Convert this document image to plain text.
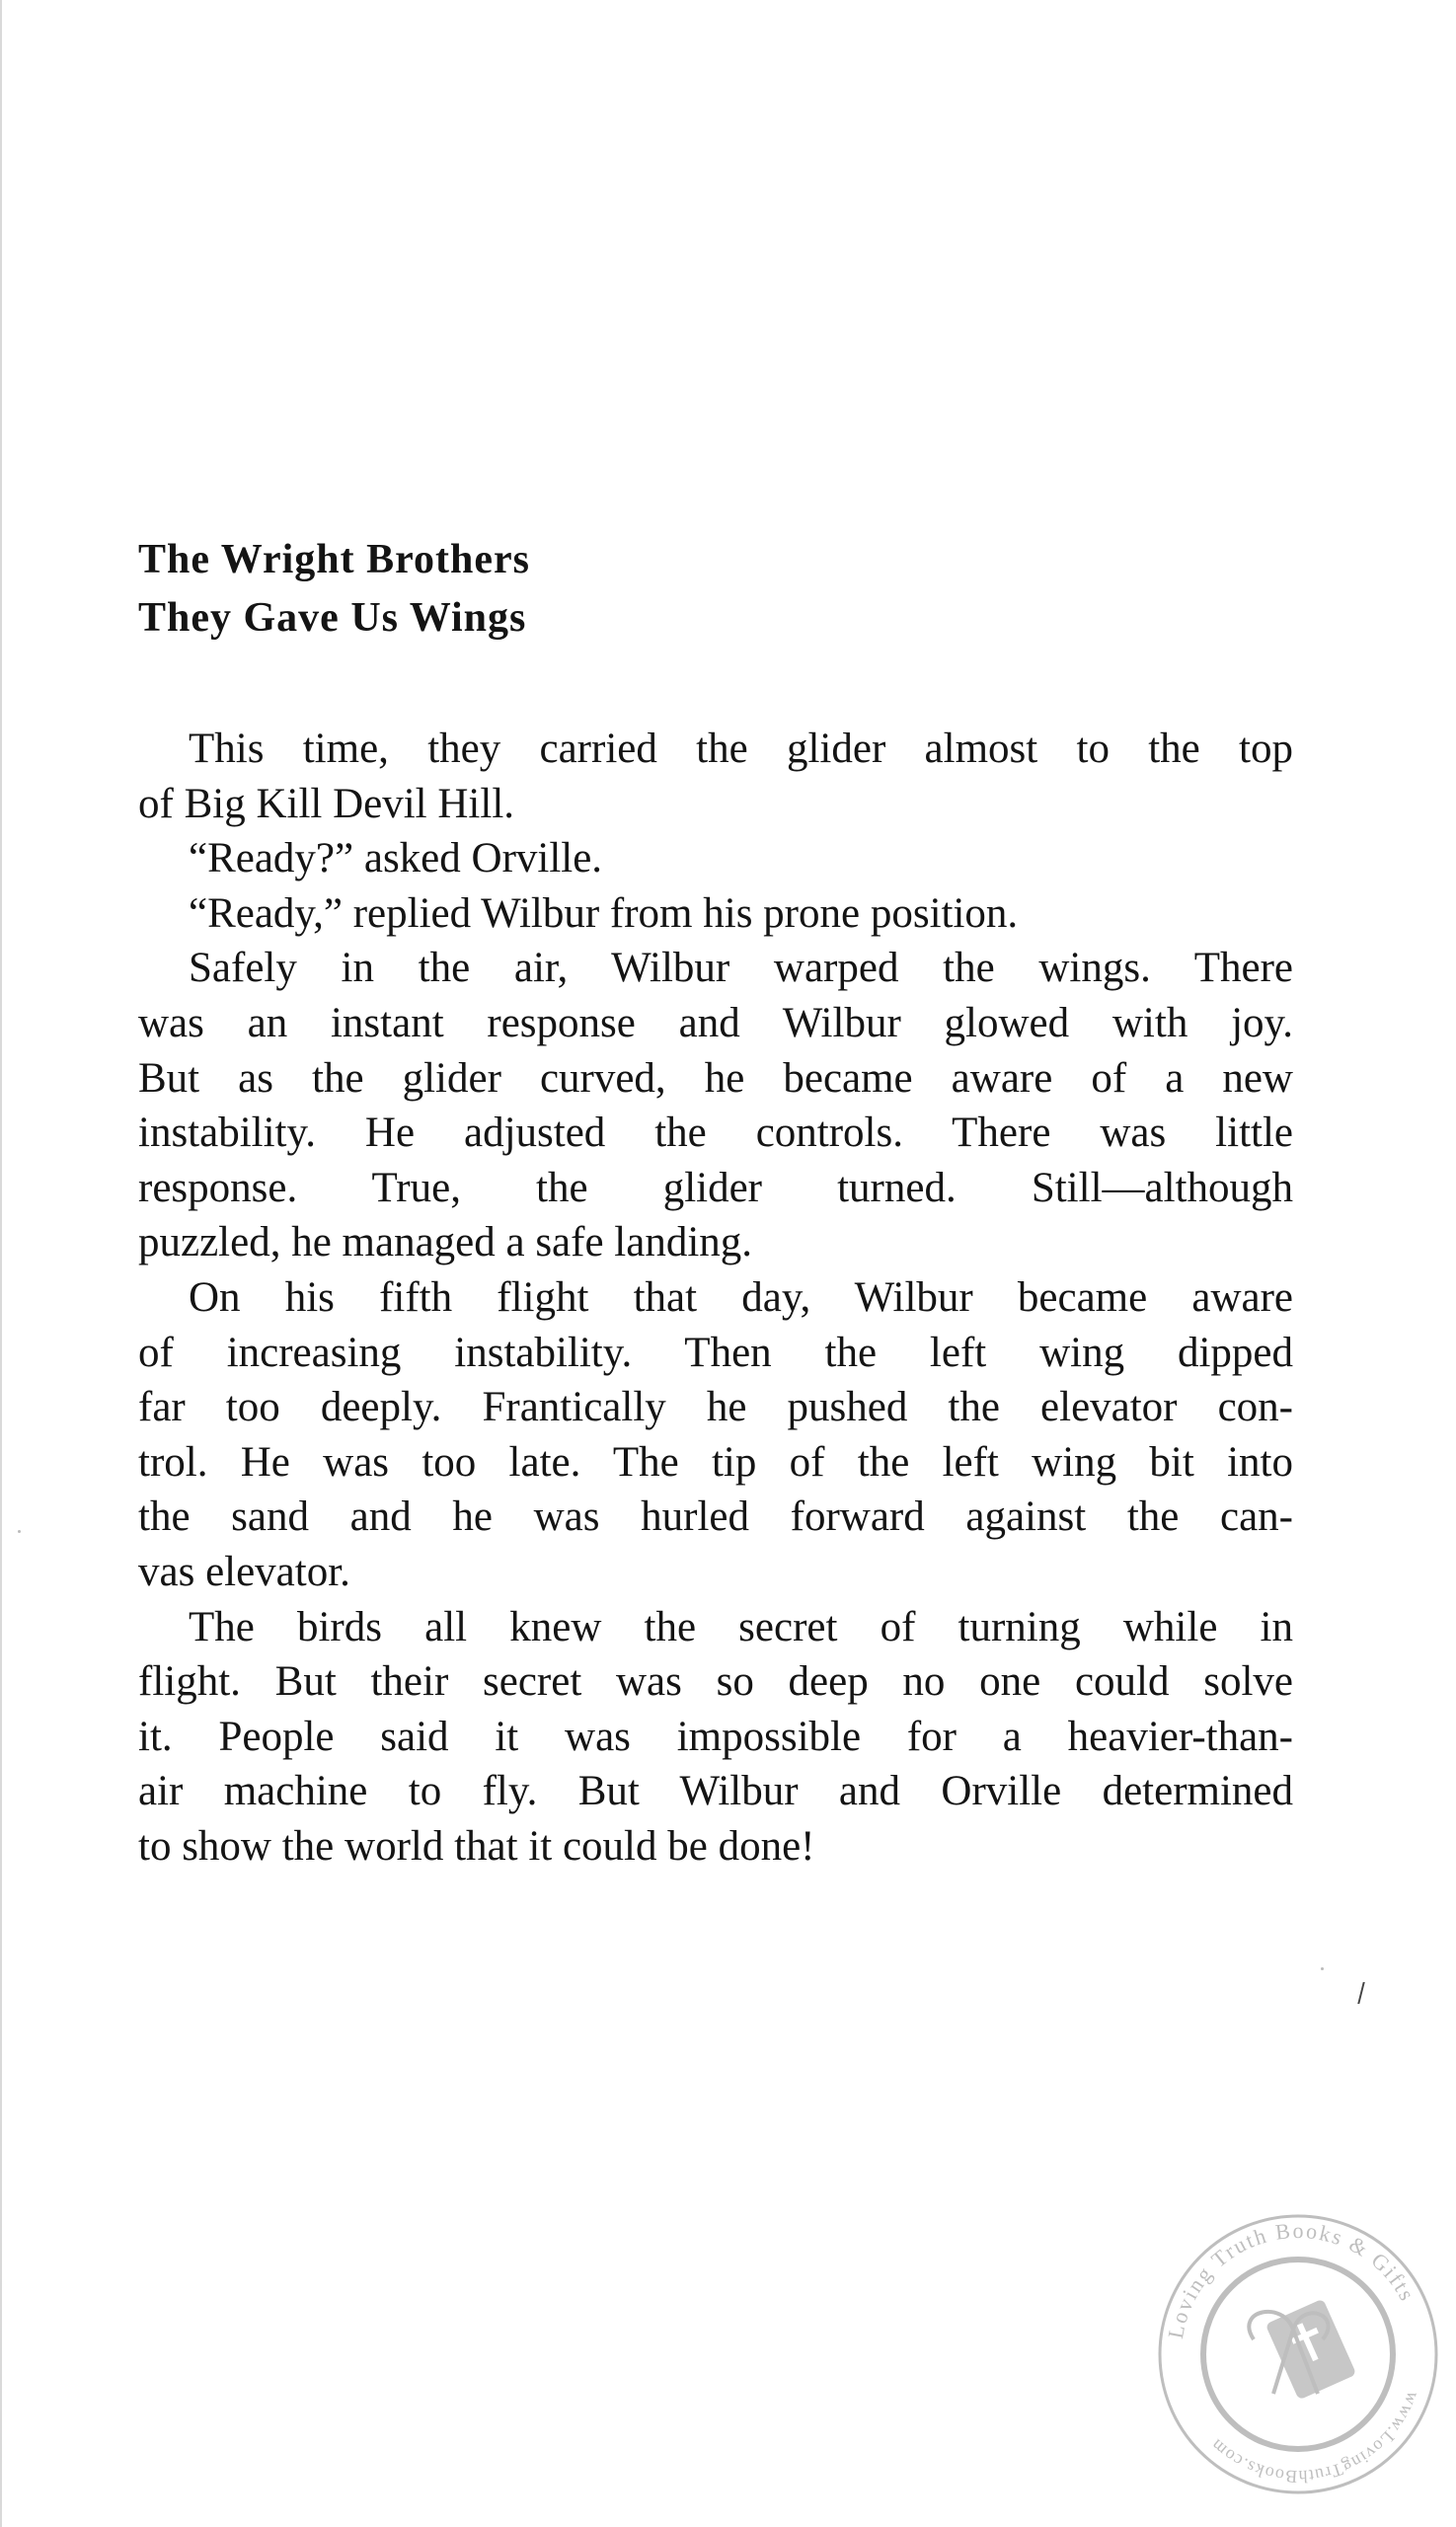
The Wright Brothers
They Gave Us Wings
This time, they carried the glider almost to the top
of Big Kill Devil Hill.
“Ready?” asked Orville.
“Ready,” replied Wilbur from his prone position.
Safely in the air, Wilbur warped the wings. There
was an instant response and Wilbur glowed with joy.
But as the glider curved, he became aware of a new
instability. He adjusted the controls. There was little
response. True, the glider turned. Still—although
puzzled, he managed a safe landing.
On his fifth flight that day, Wilbur became aware
of increasing instability. Then the left wing dipped
far too deeply. Frantically he pushed the elevator con-
trol. He was too late. The tip of the left wing bit into
the sand and he was hurled forward against the can-
vas elevator.
The birds all knew the secret of turning while in
flight. But their secret was so deep no one could solve
it. People said it was impossible for a heavier-than-
air machine to fly. But Wilbur and Orville determined
to show the world that it could be done!
Loving Truth Books & Gifts
www.LovingTruthBooks.com
